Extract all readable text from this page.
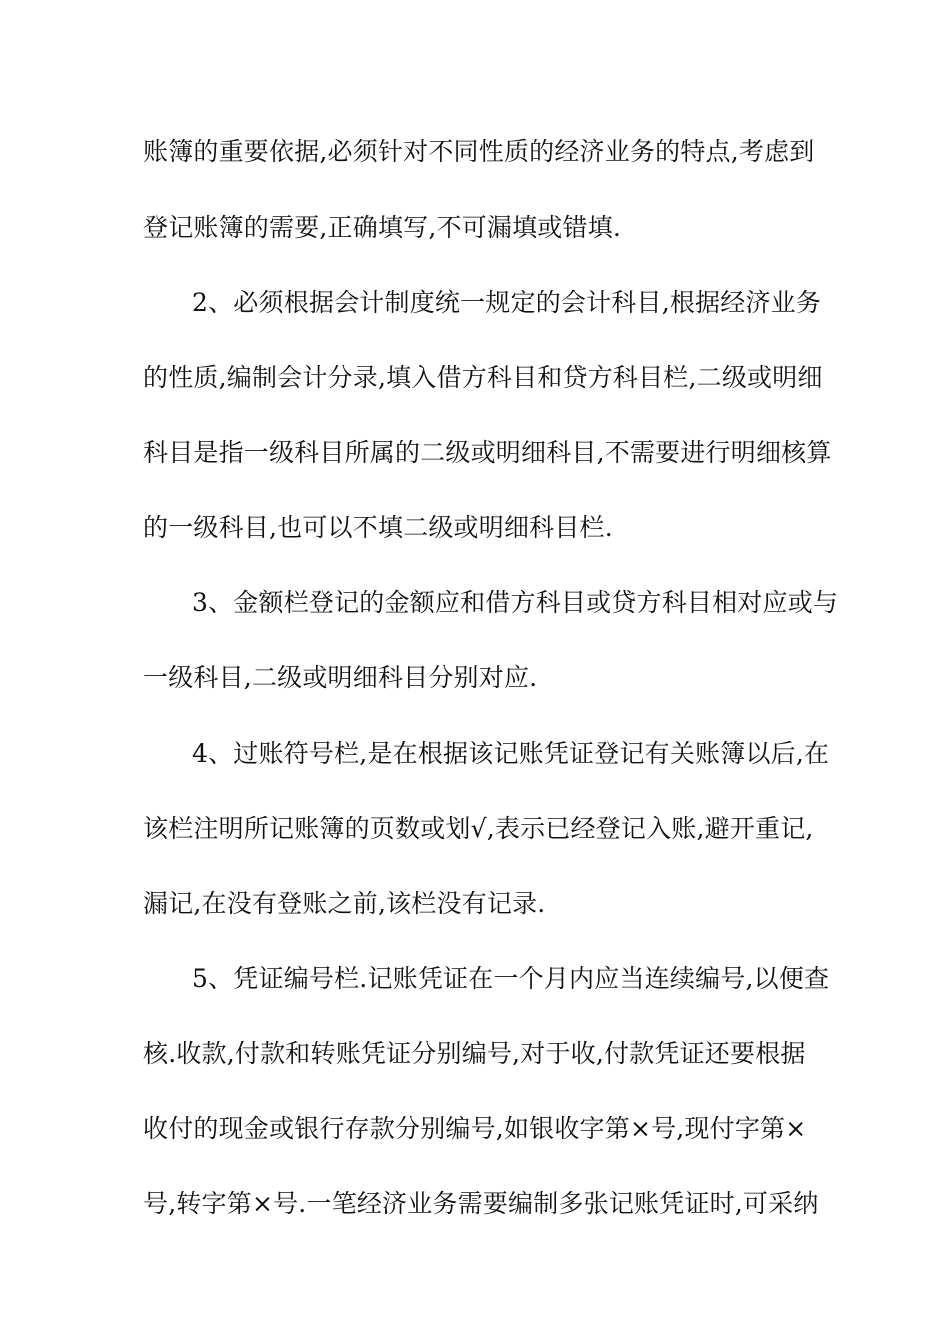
账簿的重要依据,必须针对不同性质的经济业务的特点,考虑到
登记账簿的需要,正确填写,不可漏填或错填.
2、必须根据会计制度统一规定的会计科目,根据经济业务
的性质,编制会计分录,填入借方科目和贷方科目栏,二级或明细
科目是指一级科目所属的二级或明细科目,不需要进行明细核算
的一级科目,也可以不填二级或明细科目栏.
3、金额栏登记的金额应和借方科目或贷方科目相对应或与
一级科目,二级或明细科目分别对应.
4、过账符号栏,是在根据该记账凭证登记有关账簿以后,在
该栏注明所记账簿的页数或划√,表示已经登记入账,避开重记,
漏记,在没有登账之前,该栏没有记录.
5、凭证编号栏.记账凭证在一个月内应当连续编号,以便查
核.收款,付款和转账凭证分别编号,对于收,付款凭证还要根据
收付的现金或银行存款分别编号,如银收字第×号,现付字第×
号,转字第×号.一笔经济业务需要编制多张记账凭证时,可采纳
